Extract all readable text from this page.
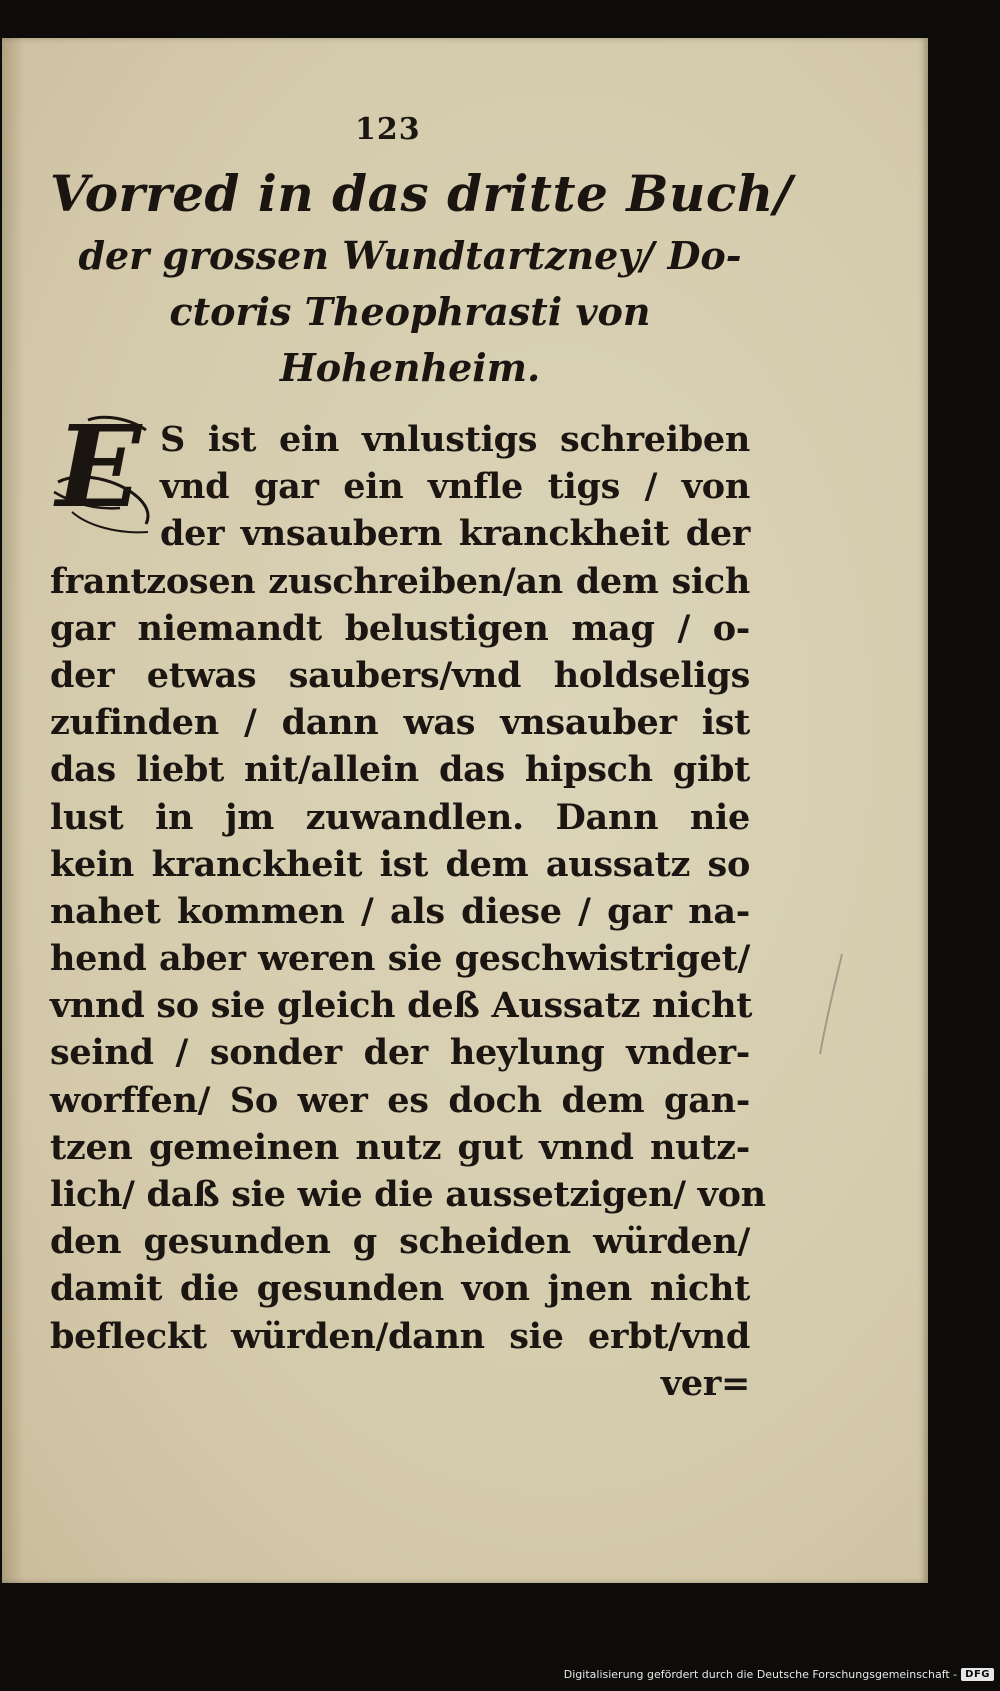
123
Vorred in das dritte Buch/
der grossen Wundtartzney/ Do-
ctoris Theophrasti von
Hohenheim.
E S ist ein vnlustigs schreiben
vnd gar ein vnfle tigs / von
der vnsaubern kranckheit der
frantzosen zuschreiben/an dem sich
gar niemandt belustigen mag / o-
der etwas saubers/vnd holdseligs
zufinden / dann was vnsauber ist
das liebt nit/allein das hipsch gibt
lust in jm zuwandlen. Dann nie
kein kranckheit ist dem aussatz so
nahet kommen / als diese / gar na-
hend aber weren sie geschwistriget/
vnnd so sie gleich deß Aussatz nicht
seind / sonder der heylung vnder-
worffen/ So wer es doch dem gan-
tzen gemeinen nutz gut vnnd nutz-
lich/ daß sie wie die aussetzigen/ von
den gesunden g scheiden würden/
damit die gesunden von jnen nicht
befleckt würden/dann sie erbt/vnd
ver=
Digitalisierung gefördert durch die Deutsche Forschungsgemeinschaft - DFG
